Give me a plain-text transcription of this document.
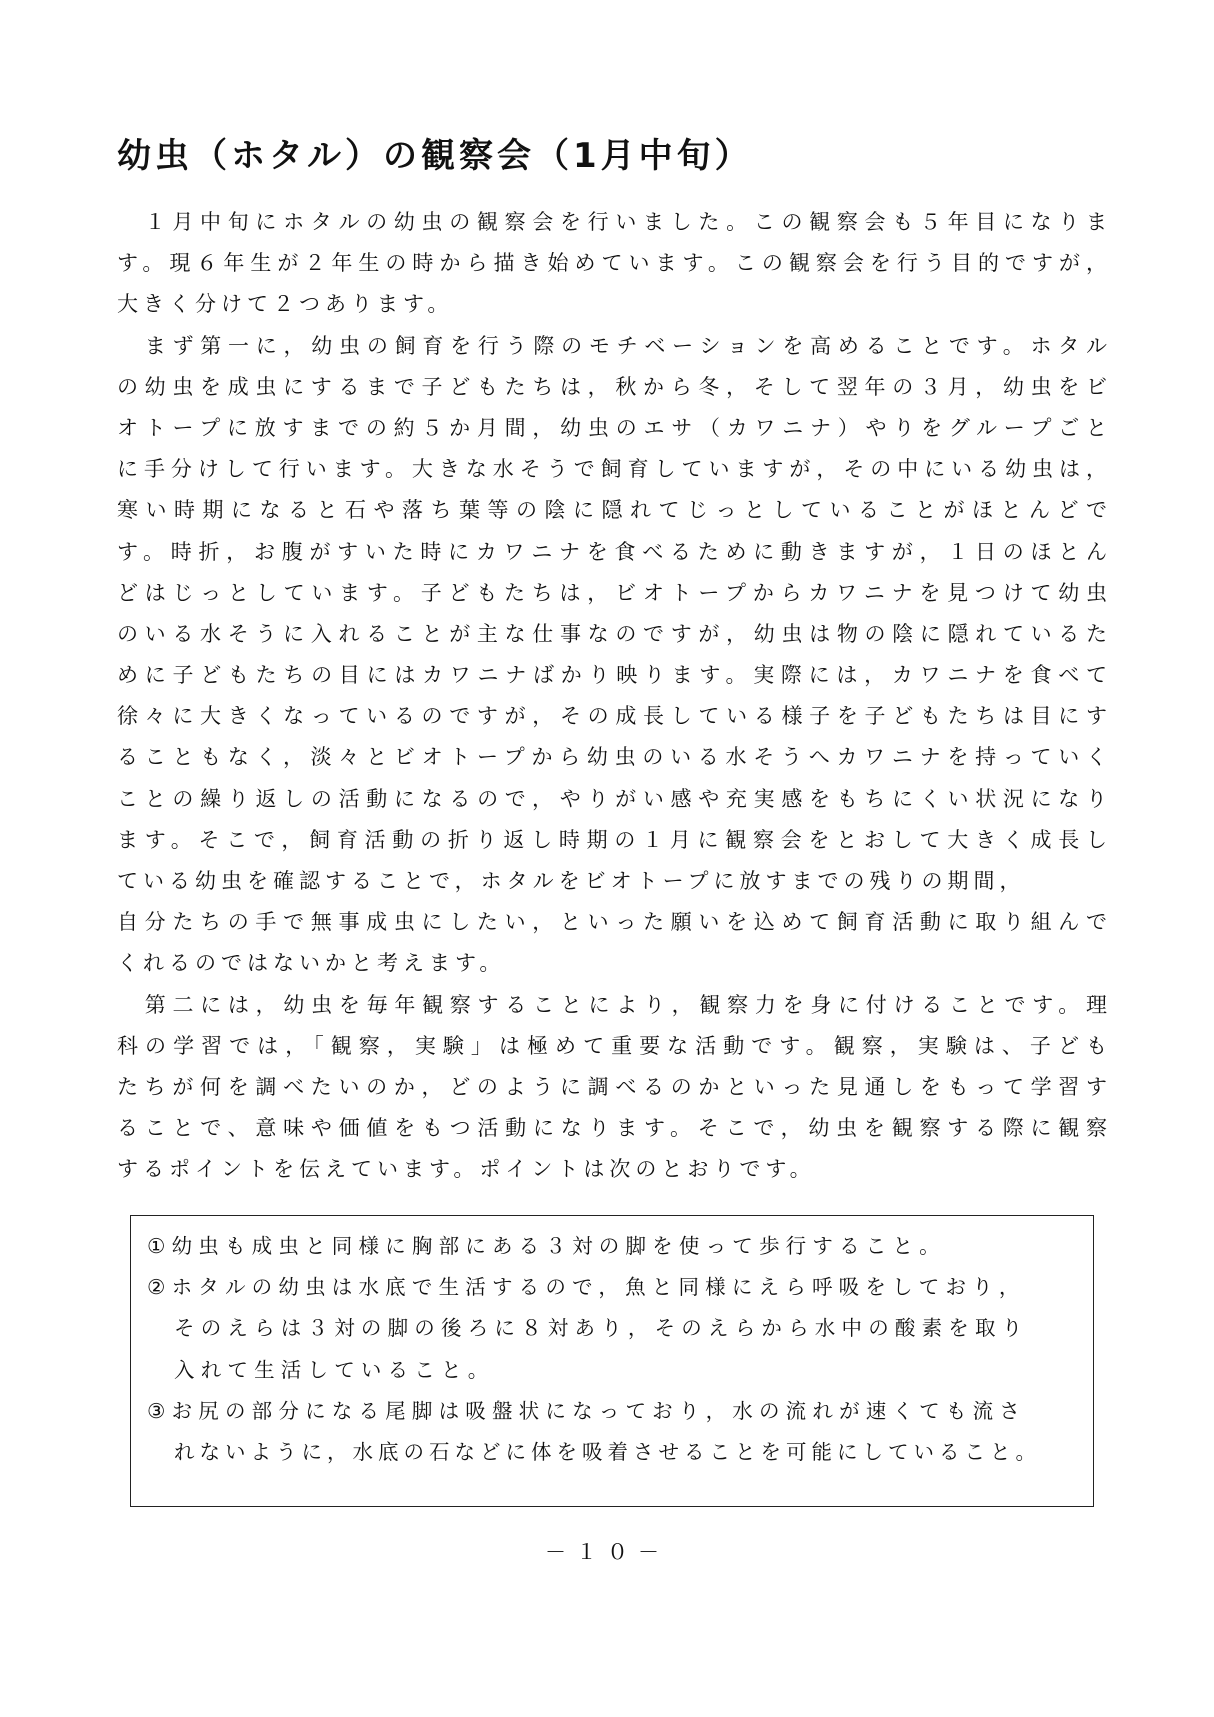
幼虫（ホタル）の観察会（1月中旬）
　１月中旬にホタルの幼虫の観察会を行いました。この観察会も５年目になりま
す。現６年生が２年生の時から描き始めています。この観察会を行う目的ですが，
大きく分けて２つあります。
　まず第一に，幼虫の飼育を行う際のモチベーションを高めることです。ホタル
の幼虫を成虫にするまで子どもたちは，秋から冬，そして翌年の３月，幼虫をビ
オトープに放すまでの約５か月間，幼虫のエサ（カワニナ）やりをグループごと
に手分けして行います。大きな水そうで飼育していますが，その中にいる幼虫は，
寒い時期になると石や落ち葉等の陰に隠れてじっとしていることがほとんどで
す。時折，お腹がすいた時にカワニナを食べるために動きますが，１日のほとん
どはじっとしています。子どもたちは，ビオトープからカワニナを見つけて幼虫
のいる水そうに入れることが主な仕事なのですが，幼虫は物の陰に隠れているた
めに子どもたちの目にはカワニナばかり映ります。実際には，カワニナを食べて
徐々に大きくなっているのですが，その成長している様子を子どもたちは目にす
ることもなく，淡々とビオトープから幼虫のいる水そうへカワニナを持っていく
ことの繰り返しの活動になるので，やりがい感や充実感をもちにくい状況になり
ます。そこで，飼育活動の折り返し時期の１月に観察会をとおして大きく成長し
ている幼虫を確認することで，ホタルをビオトープに放すまでの残りの期間，
自分たちの手で無事成虫にしたい，といった願いを込めて飼育活動に取り組んで
くれるのではないかと考えます。
　第二には，幼虫を毎年観察することにより，観察力を身に付けることです。理
科の学習では，「観察，実験」は極めて重要な活動です。観察，実験は、子ども
たちが何を調べたいのか，どのように調べるのかといった見通しをもって学習す
ることで、意味や価値をもつ活動になります。そこで，幼虫を観察する際に観察
するポイントを伝えています。ポイントは次のとおりです。
①幼虫も成虫と同様に胸部にある３対の脚を使って歩行すること。
②ホタルの幼虫は水底で生活するので，魚と同様にえら呼吸をしており，
そのえらは３対の脚の後ろに８対あり，そのえらから水中の酸素を取り
入れて生活していること。
③お尻の部分になる尾脚は吸盤状になっており，水の流れが速くても流さ
れないように，水底の石などに体を吸着させることを可能にしていること。
－１０－
